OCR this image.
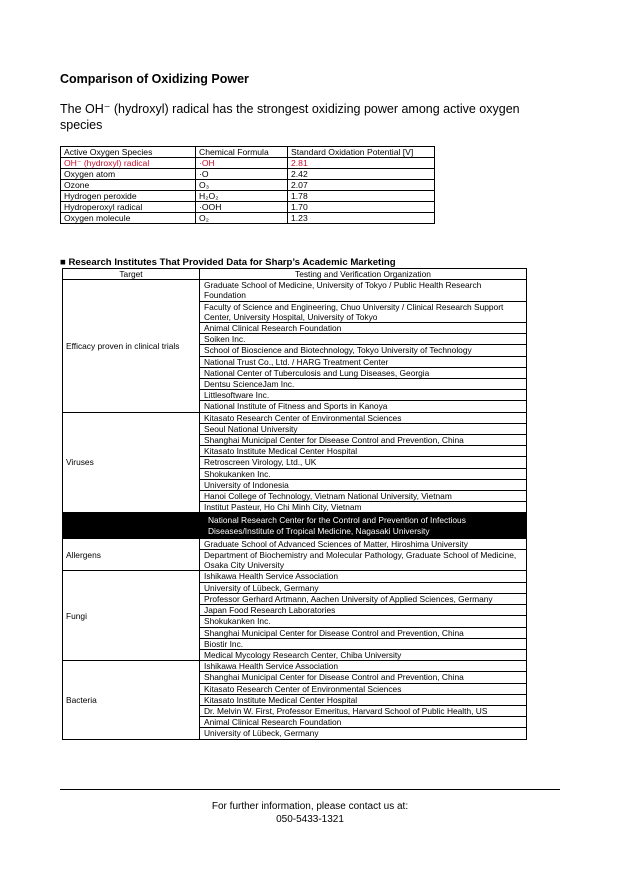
Comparison of Oxidizing Power
The OH⁻ (hydroxyl) radical has the strongest oxidizing power among active oxygen species
Active Oxygen Species	Chemical Formula	Standard Oxidation Potential [V]
OH⁻ (hydroxyl) radical	·OH	2.81
Oxygen atom	·O	2.42
Ozone	O₃	2.07
Hydrogen peroxide	H₂O₂	1.78
Hydroperoxyl radical	·OOH	1.70
Oxygen molecule	O₂	1.23
■ Research Institutes That Provided Data for Sharp’s Academic Marketing
Target	Testing and Verification Organization
Efficacy proven in clinical trials	Graduate School of Medicine, University of Tokyo / Public Health Research Foundation
	Faculty of Science and Engineering, Chuo University / Clinical Research Support Center, University Hospital, University of Tokyo
	Animal Clinical Research Foundation
	Soiken Inc.
	School of Bioscience and Biotechnology, Tokyo University of Technology
	National Trust Co., Ltd. / HARG Treatment Center
	National Center of Tuberculosis and Lung Diseases, Georgia
	Dentsu ScienceJam Inc.
	Littlesoftware Inc.
	National Institute of Fitness and Sports in Kanoya
Viruses	Kitasato Research Center of Environmental Sciences
	Seoul National University
	Shanghai Municipal Center for Disease Control and Prevention, China
	Kitasato Institute Medical Center Hospital
	Retroscreen Virology, Ltd., UK
	Shokukanken Inc.
	University of Indonesia
	Hanoi College of Technology, Vietnam National University, Vietnam
	Institut Pasteur, Ho Chi Minh City, Vietnam
	National Research Center for the Control and Prevention of Infectious Diseases/Institute of Tropical Medicine, Nagasaki University
Allergens	Graduate School of Advanced Sciences of Matter, Hiroshima University
	Department of Biochemistry and Molecular Pathology, Graduate School of Medicine, Osaka City University
Fungi	Ishikawa Health Service Association
	University of Lübeck, Germany
	Professor Gerhard Artmann, Aachen University of Applied Sciences, Germany
	Japan Food Research Laboratories
	Shokukanken Inc.
	Shanghai Municipal Center for Disease Control and Prevention, China
	Biostir Inc.
	Medical Mycology Research Center, Chiba University
Bacteria	Ishikawa Health Service Association
	Shanghai Municipal Center for Disease Control and Prevention, China
	Kitasato Research Center of Environmental Sciences
	Kitasato Institute Medical Center Hospital
	Dr. Melvin W. First, Professor Emeritus, Harvard School of Public Health, US
	Animal Clinical Research Foundation
	University of Lübeck, Germany
For further information, please contact us at:
050-5433-1321
